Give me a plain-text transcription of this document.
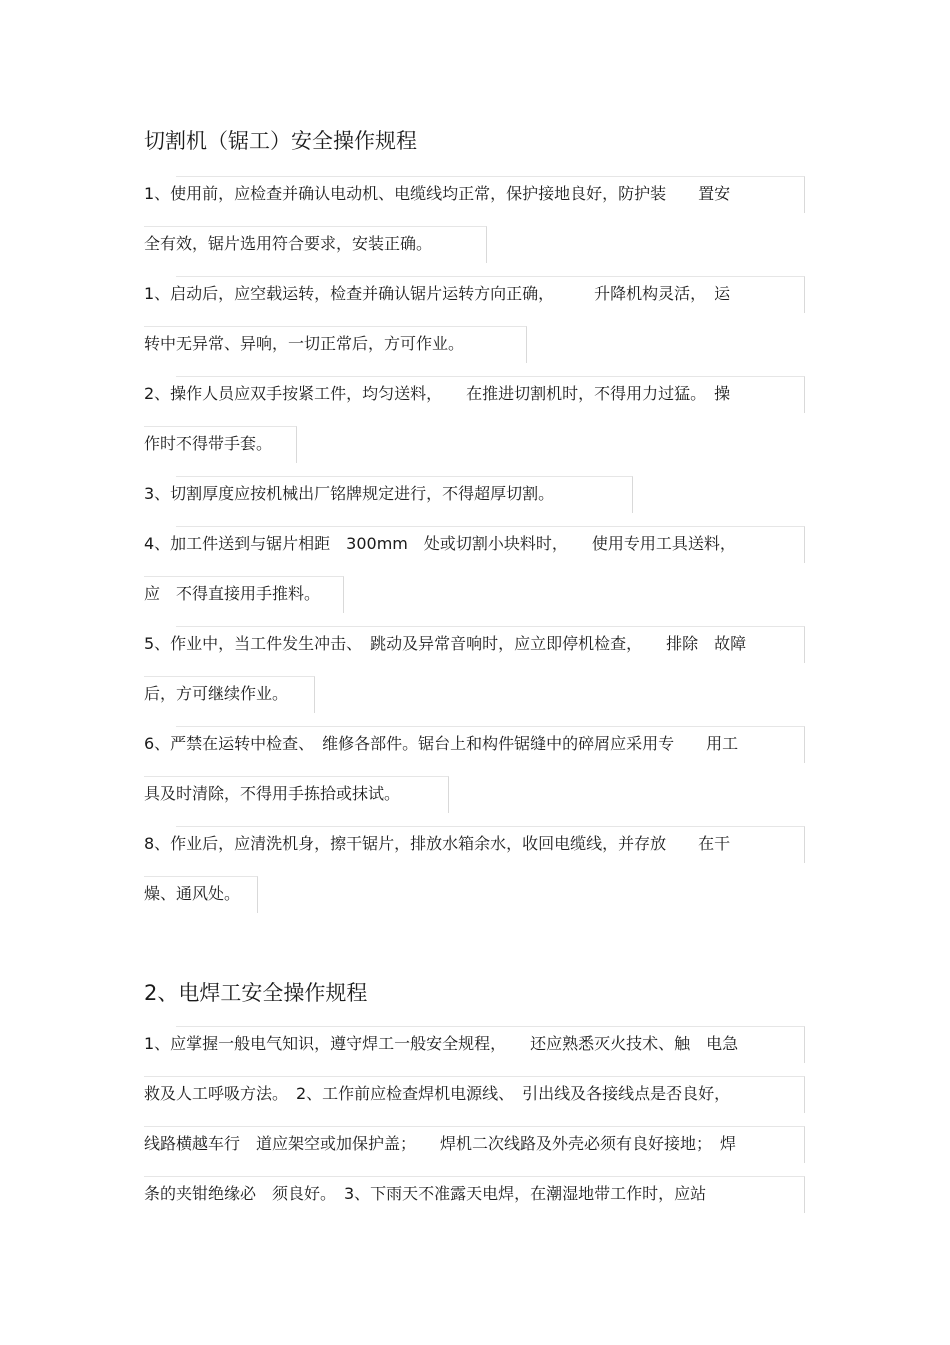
切割机（锯工）安全操作规程
1、使用前，应检查并确认电动机、电缆线均正常，保护接地良好，防护装　　置安
全有效，锯片选用符合要求，安装正确。
1、启动后，应空载运转，检查并确认锯片运转方向正确，　　　升降机构灵活，　运
转中无异常、异响，一切正常后，方可作业。
2、操作人员应双手按紧工件，均匀送料，　　在推进切割机时，不得用力过猛。　操
作时不得带手套。
3、切割厚度应按机械出厂铭牌规定进行，不得超厚切割。
4、加工件送到与锯片相距　300mm　处或切割小块料时，　　使用专用工具送料，
应　不得直接用手推料。
5、作业中，当工件发生冲击、　跳动及异常音响时，应立即停机检查，　　排除　故障
后，方可继续作业。
6、严禁在运转中检查、　维修各部件。锯台上和构件锯缝中的碎屑应采用专　　用工
具及时清除，不得用手拣拾或抹试。
8、作业后，应清洗机身，擦干锯片，排放水箱余水，收回电缆线，并存放　　在干
燥、通风处。
2、电焊工安全操作规程
1、应掌握一般电气知识，遵守焊工一般安全规程，　　还应熟悉灭火技术、触　电急
救及人工呼吸方法。　2、工作前应检查焊机电源线、　引出线及各接线点是否良好，
线路横越车行　道应架空或加保护盖；　　焊机二次线路及外壳必须有良好接地；　焊
条的夹钳绝缘必　须良好。　3、下雨天不准露天电焊，在潮湿地带工作时，应站
